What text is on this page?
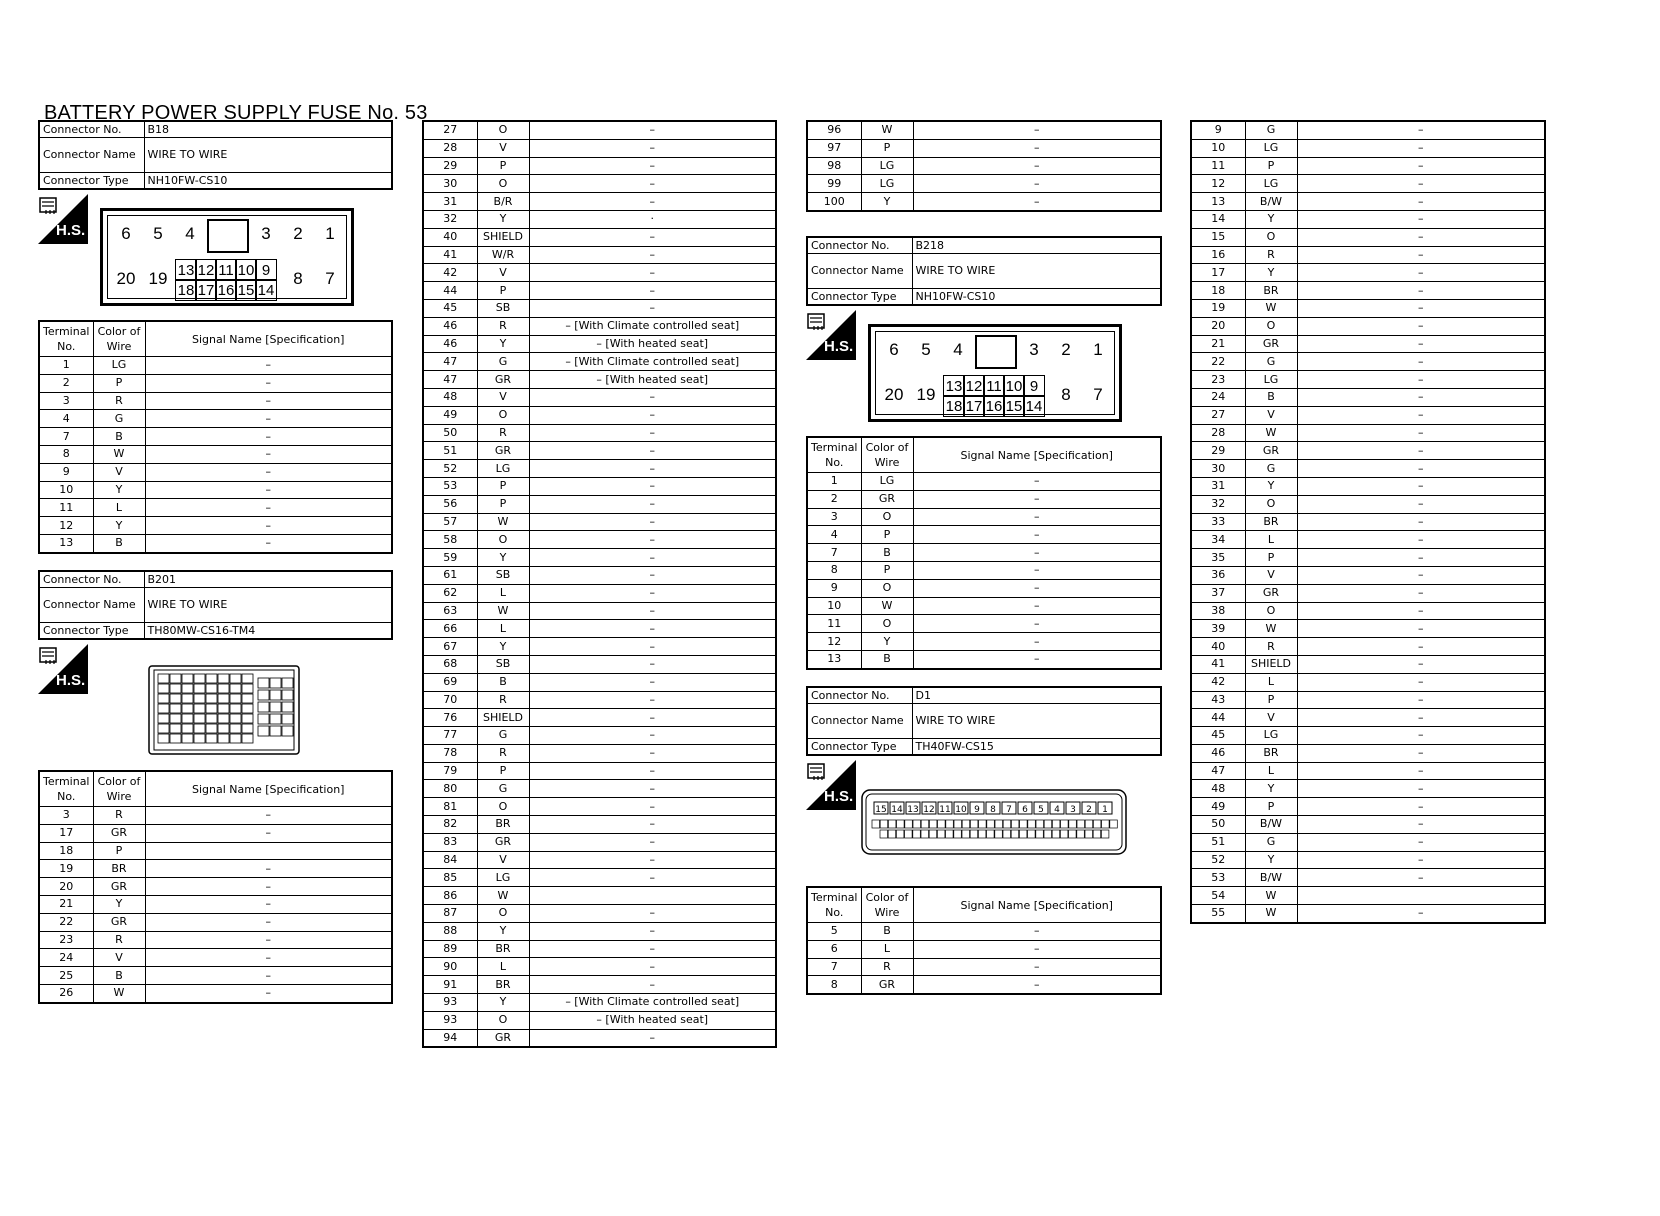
BATTERY POWER SUPPLY FUSE No. 53
Connector No.	B18
Connector Name	WIRE TO WIRE
Connector Type	NH10FW-CS10
H.S.	6	5	4	3	2	1
20 19 13 12 11 10 9
18 17 16 15 14
8	7
Terminal No.	Color of Wire	Signal Name [Specification]
1	LG	–
2	P	–
3	R	–
4	G	–
7	B	–
8	W	–
9	V	–
10	Y	–
11	L	–
12	Y	–
13	B	–
Connector No.	B201
Connector Name	WIRE TO WIRE
Connector Type	TH80MW-CS16-TM4
H.S.
Terminal No.	Color of Wire	Signal Name [Specification]
3	R	–
17	GR	–
18	P	
19	BR	–
20	GR	–
21	Y	–
22	GR	–
23	R	–
24	V	–
25	B	–
26	W	–
27	O	–
28	V	–
29	P	–
30	O	–
31	B/R	–
32	Y	·
40	SHIELD	–
41	W/R	–
42	V	–
44	P	–
45	SB	–
46	R	– [With Climate controlled seat]
46	Y	– [With heated seat]
47	G	– [With Climate controlled seat]
47	GR	– [With heated seat]
48	V	–
49	O	–
50	R	–
51	GR	–
52	LG	–
53	P	–
56	P	–
57	W	–
58	O	–
59	Y	–
61	SB	–
62	L	–
63	W	–
66	L	–
67	Y	–
68	SB	–
69	B	–
70	R	–
76	SHIELD	–
77	G	–
78	R	–
79	P	–
80	G	–
81	O	–
82	BR	–
83	GR	–
84	V	–
85	LG	–
86	W	
87	O	–
88	Y	–
89	BR	–
90	L	–
91	BR	–
93	Y	– [With Climate controlled seat]
93	O	– [With heated seat]
94	GR	–
96	W	–
97	P	–
98	LG	–
99	LG	–
100	Y	–
Connector No.	B218
Connector Name	WIRE TO WIRE
Connector Type	NH10FW-CS10
H.S.	6	5	4	3	2	1
20 19 13 12 11 10 9
18 17 16 15 14
8	7
Terminal No.	Color of Wire	Signal Name [Specification]
1	LG	–
2	GR	–
3	O	–
4	P	–
7	B	–
8	P	–
9	O	–
10	W	–
11	O	–
12	Y	–
13	B	–
Connector No.	D1
Connector Name	WIRE TO WIRE
Connector Type	TH40FW-CS15
H.S.
15 14 13 12 11 10 9 8 7 6 5 4 3 2 1
Terminal No.	Color of Wire	Signal Name [Specification]
5	B	–
6	L	–
7	R	–
8	GR	–
9	G	–
10	LG	–
11	P	–
12	LG	–
13	B/W	–
14	Y	–
15	O	–
16	R	–
17	Y	–
18	BR	–
19	W	–
20	O	–
21	GR	–
22	G	–
23	LG	–
24	B	–
27	V	–
28	W	–
29	GR	–
30	G	–
31	Y	–
32	O	–
33	BR	–
34	L	–
35	P	–
36	V	–
37	GR	–
38	O	–
39	W	–
40	R	–
41	SHIELD	–
42	L	–
43	P	–
44	V	–
45	LG	–
46	BR	–
47	L	–
48	Y	–
49	P	–
50	B/W	–
51	G	–
52	Y	–
53	B/W	–
54	W	
55	W	–
